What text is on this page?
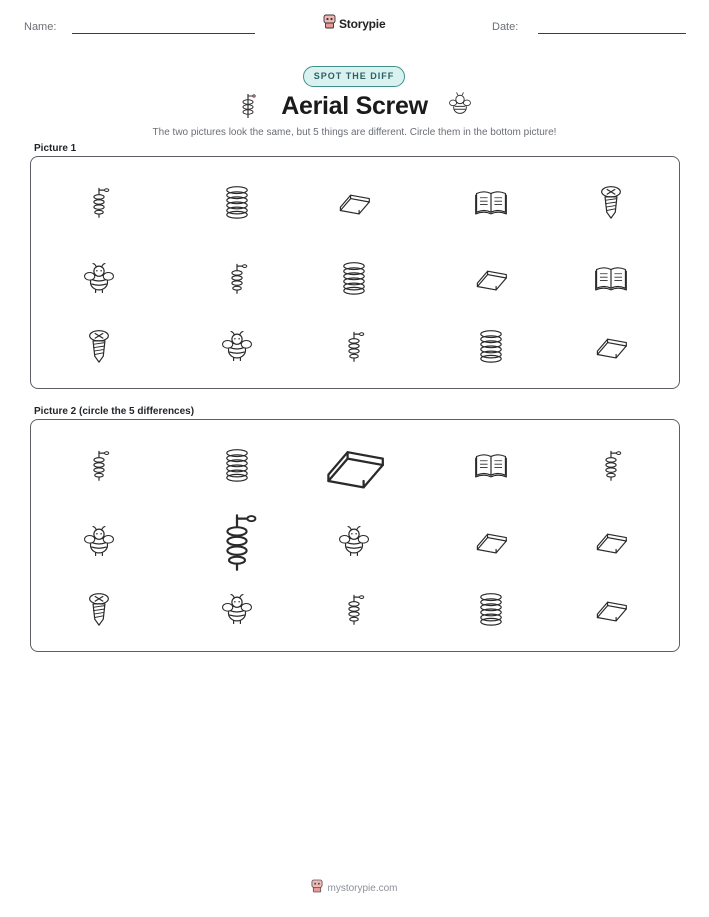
Name:	Storypie	Date:
SPOT THE DIFF
Aerial Screw
The two pictures look the same, but 5 things are different. Circle them in the bottom picture!
Picture 1
Picture 2 (circle the 5 differences)
mystorypie.com
